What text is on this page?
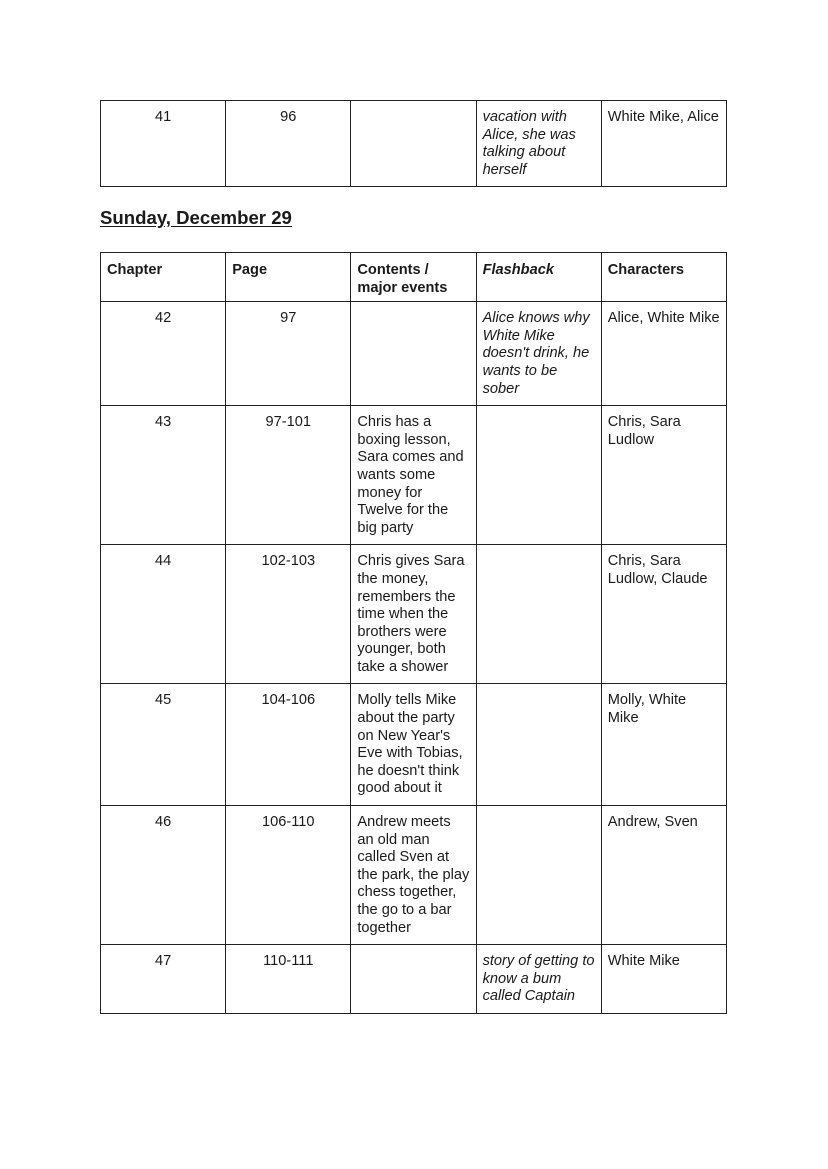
41	96		vacation with Alice, she was talking about herself	White Mike, Alice
Sunday, December 29
Chapter	Page	Contents / major events	Flashback	Characters
42	97		Alice knows why White Mike doesn't drink, he wants to be sober	Alice, White Mike
43	97-101	Chris has a boxing lesson, Sara comes and wants some money for Twelve for the big party		Chris, Sara Ludlow
44	102-103	Chris gives Sara the money, remembers the time when the brothers were younger, both take a shower		Chris, Sara Ludlow, Claude
45	104-106	Molly tells Mike about the party on New Year's Eve with Tobias, he doesn't think good about it		Molly, White Mike
46	106-110	Andrew meets an old man called Sven at the park, the play chess together, the go to a bar together		Andrew, Sven
47	110-111		story of getting to know a bum called Captain	White Mike
